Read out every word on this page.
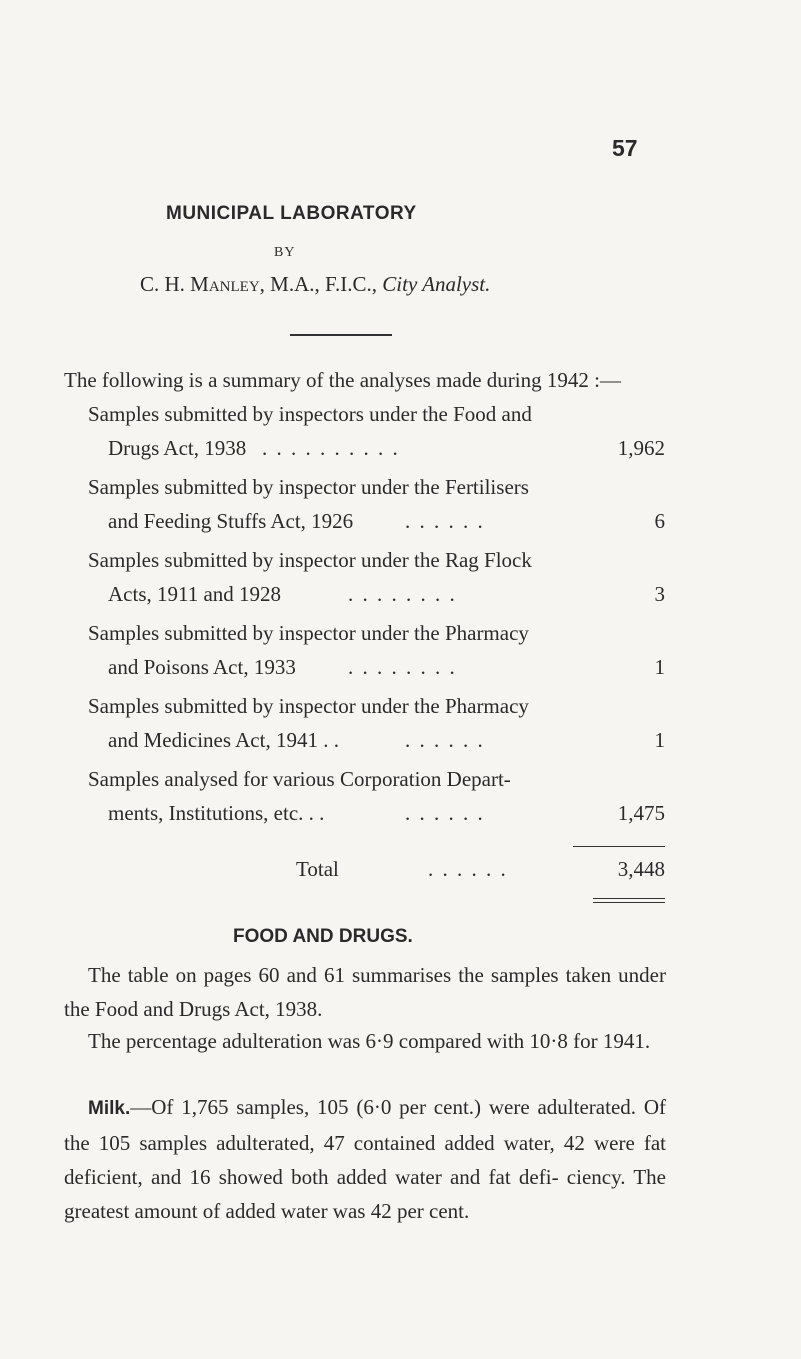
57
MUNICIPAL LABORATORY
BY
C. H. Manley, M.A., F.I.C., City Analyst.
The following is a summary of the analyses made during 1942 :—
Samples submitted by inspectors under the Food and
Drugs Act, 1938 . . . . . . . . . .	1,962
Samples submitted by inspector under the Fertilisers
and Feeding Stuffs Act, 1926 . . . . . .	6
Samples submitted by inspector under the Rag Flock
Acts, 1911 and 1928	. . . . . . . .	3
Samples submitted by inspector under the Pharmacy
and Poisons Act, 1933 . . . . . . . .	1
Samples submitted by inspector under the Pharmacy
and Medicines Act, 1941 . .	. . . . . .	1
Samples analysed for various Corporation Depart-
ments, Institutions, etc. . .	. . . . . .	1,475
Total	. . . . . .	3,448
FOOD AND DRUGS.
The table on pages 60 and 61 summarises the samples taken under the Food and Drugs Act, 1938.
The percentage adulteration was 6·9 compared with 10·8 for 1941.
Milk.—Of 1,765 samples, 105 (6·0 per cent.) were adulterated. Of the 105 samples adulterated, 47 contained added water, 42 were fat deficient, and 16 showed both added water and fat defi- ciency. The greatest amount of added water was 42 per cent.
